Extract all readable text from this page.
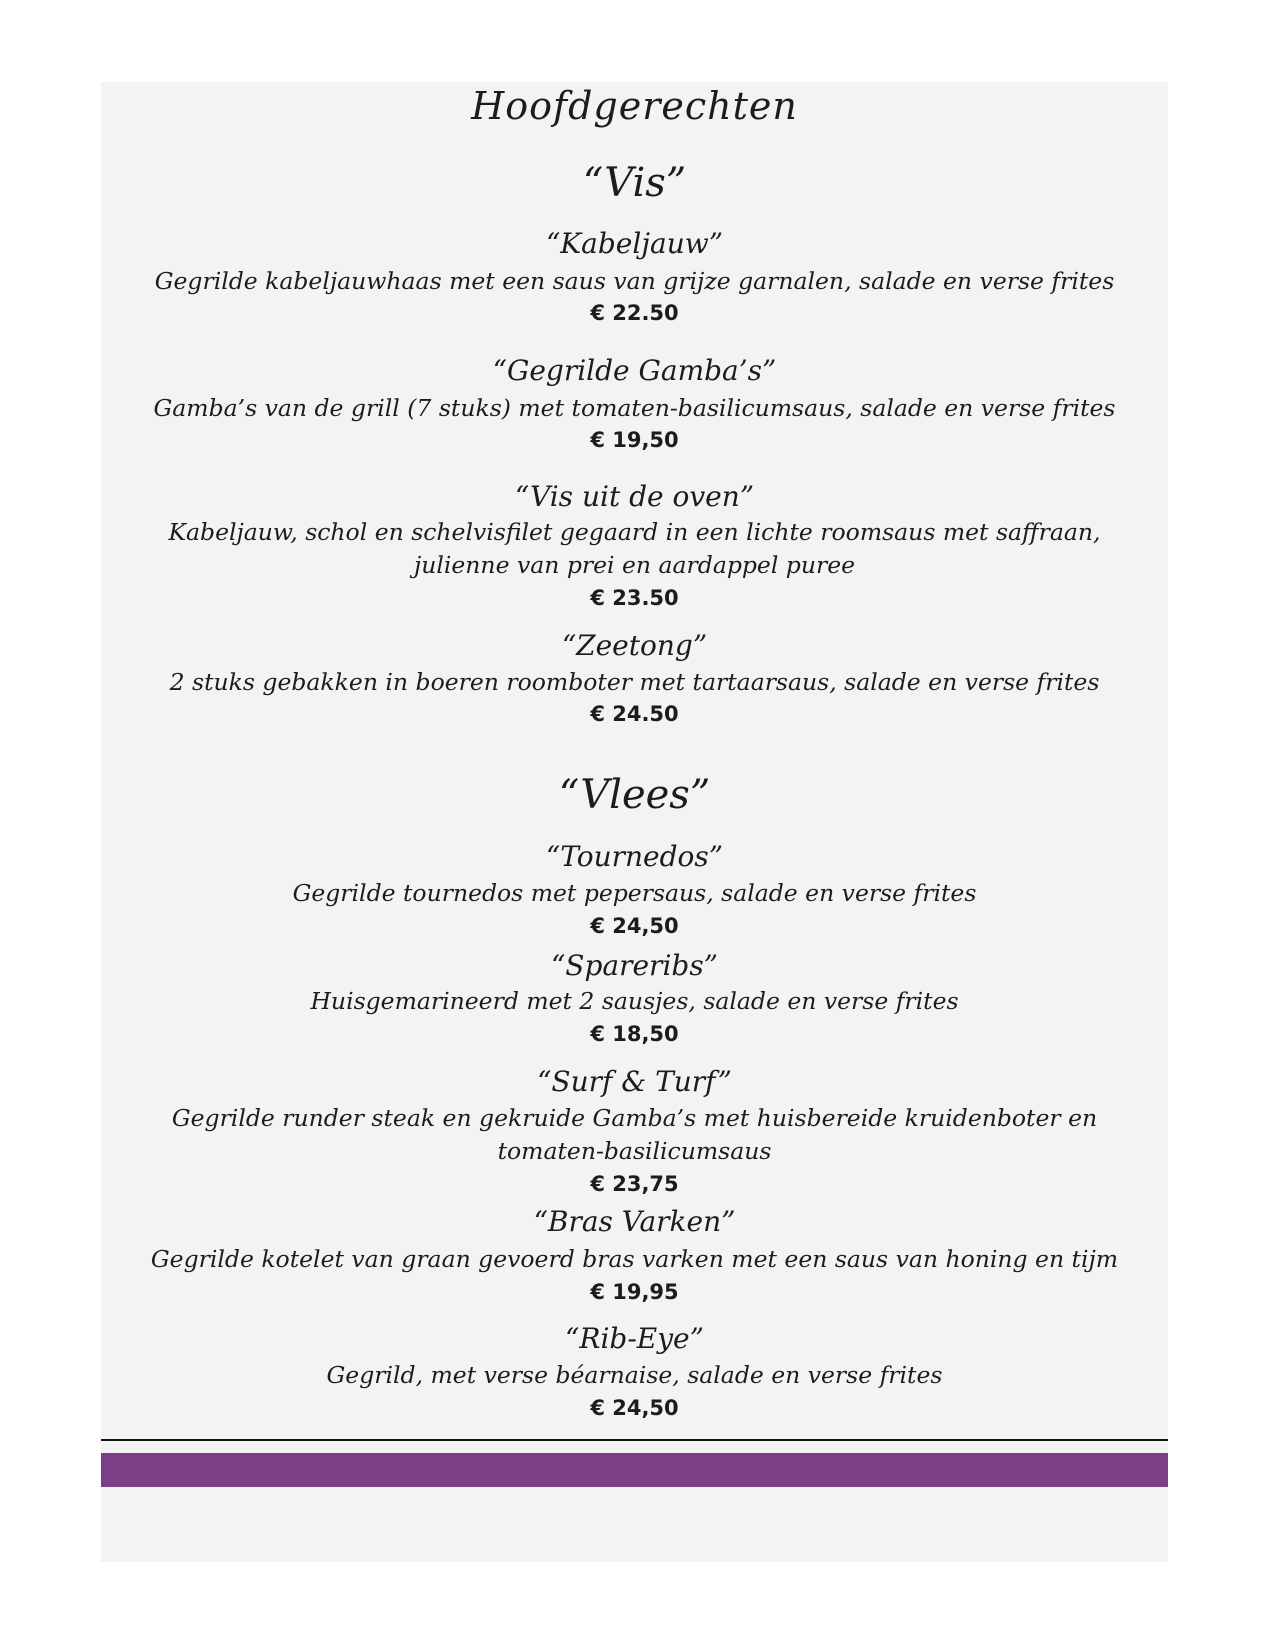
Hoofdgerechten
“Vis”
“Kabeljauw”
Gegrilde kabeljauwhaas met een saus van grijze garnalen, salade en verse frites
€ 22.50
“Gegrilde Gamba’s”
Gamba’s van de grill (7 stuks) met tomaten-basilicumsaus, salade en verse frites
€ 19,50
“Vis uit de oven”
Kabeljauw, schol en schelvisfilet gegaard in een lichte roomsaus met saffraan,
julienne van prei en aardappel puree
€ 23.50
“Zeetong”
2 stuks gebakken in boeren roomboter met tartaarsaus, salade en verse frites
€ 24.50
“Vlees”
“Tournedos”
Gegrilde tournedos met pepersaus, salade en verse frites
€ 24,50
“Spareribs”
Huisgemarineerd met 2 sausjes, salade en verse frites
€ 18,50
“Surf & Turf”
Gegrilde runder steak en gekruide Gamba’s met huisbereide kruidenboter en
tomaten-basilicumsaus
€ 23,75
“Bras Varken”
Gegrilde kotelet van graan gevoerd bras varken met een saus van honing en tijm
€ 19,95
“Rib-Eye”
Gegrild, met verse béarnaise, salade en verse frites
€ 24,50
